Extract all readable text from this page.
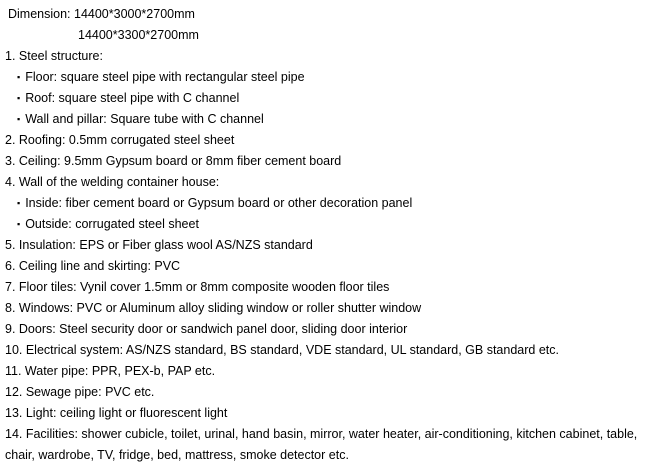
Dimension: 14400*3000*2700mm
14400*3300*2700mm
1. Steel structure:
▪ Floor: square steel pipe with rectangular steel pipe
▪ Roof: square steel pipe with C channel
▪ Wall and pillar: Square tube with C channel
2. Roofing: 0.5mm corrugated steel sheet
3. Ceiling: 9.5mm Gypsum board or 8mm fiber cement board
4. Wall of the welding container house:
▪ Inside: fiber cement board or Gypsum board or other decoration panel
▪ Outside: corrugated steel sheet
5. Insulation: EPS or Fiber glass wool AS/NZS standard
6. Ceiling line and skirting: PVC
7. Floor tiles: Vynil cover 1.5mm or 8mm composite wooden floor tiles
8. Windows: PVC or Aluminum alloy sliding window or roller shutter window
9. Doors: Steel security door or sandwich panel door, sliding door interior
10. Electrical system: AS/NZS standard, BS standard, VDE standard, UL standard, GB standard etc.
11. Water pipe: PPR, PEX-b, PAP etc.
12. Sewage pipe: PVC etc.
13. Light: ceiling light or fluorescent light
14. Facilities: shower cubicle, toilet, urinal, hand basin, mirror, water heater, air-conditioning, kitchen cabinet, table, chair, wardrobe, TV, fridge, bed, mattress, smoke detector etc.
